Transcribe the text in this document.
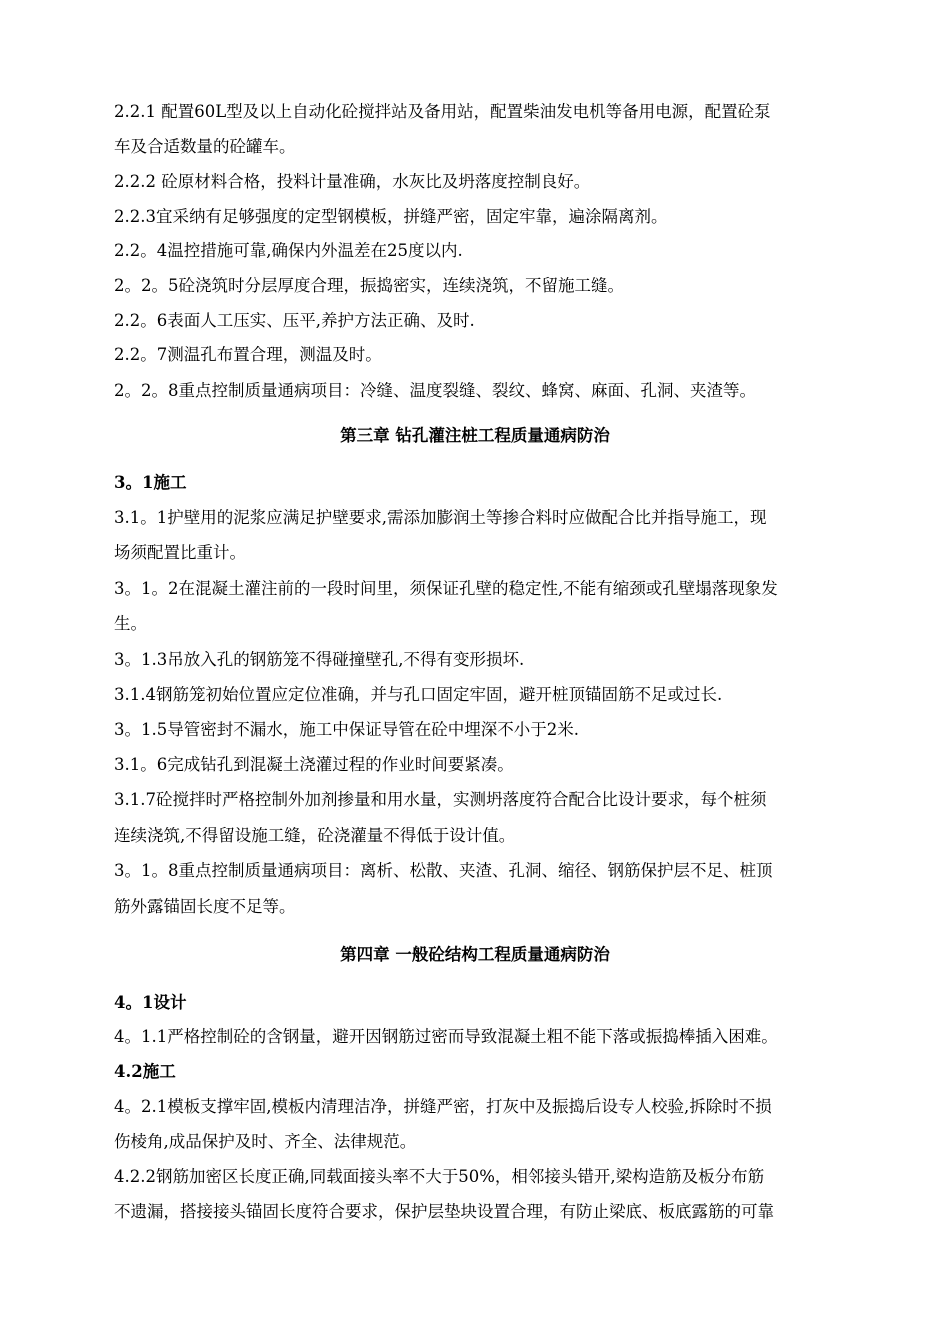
2.2.1 配置60L型及以上自动化砼搅拌站及备用站，配置柴油发电机等备用电源，配置砼泵
车及合适数量的砼罐车。
2.2.2 砼原材料合格，投料计量准确，水灰比及坍落度控制良好。
2.2.3宜采纳有足够强度的定型钢模板，拼缝严密，固定牢靠，遍涂隔离剂。
2.2。4温控措施可靠,确保内外温差在25度以内.
2。2。5砼浇筑时分层厚度合理，振捣密实，连续浇筑，不留施工缝。
2.2。6表面人工压实、压平,养护方法正确、及时.
2.2。7测温孔布置合理，测温及时。
2。2。8重点控制质量通病项目：冷缝、温度裂缝、裂纹、蜂窝、麻面、孔洞、夹渣等。
第三章 钻孔灌注桩工程质量通病防治
3。1施工
3.1。1护壁用的泥浆应满足护壁要求,需添加膨润土等掺合料时应做配合比并指导施工，现
场须配置比重计。
3。1。2在混凝土灌注前的一段时间里，须保证孔壁的稳定性,不能有缩颈或孔壁塌落现象发
生。
3。1.3吊放入孔的钢筋笼不得碰撞壁孔,不得有变形损坏.
3.1.4钢筋笼初始位置应定位准确，并与孔口固定牢固，避开桩顶锚固筋不足或过长.
3。1.5导管密封不漏水，施工中保证导管在砼中埋深不小于2米.
3.1。6完成钻孔到混凝土浇灌过程的作业时间要紧凑。
3.1.7砼搅拌时严格控制外加剂掺量和用水量，实测坍落度符合配合比设计要求，每个桩须
连续浇筑,不得留设施工缝，砼浇灌量不得低于设计值。
3。1。8重点控制质量通病项目：离析、松散、夹渣、孔洞、缩径、钢筋保护层不足、桩顶
筋外露锚固长度不足等。
第四章 一般砼结构工程质量通病防治
4。1设计
4。1.1严格控制砼的含钢量，避开因钢筋过密而导致混凝土粗不能下落或振捣棒插入困难。
4.2施工
4。2.1模板支撑牢固,模板内清理洁净，拼缝严密，打灰中及振捣后设专人校验,拆除时不损
伤棱角,成品保护及时、齐全、法律规范。
4.2.2钢筋加密区长度正确,同载面接头率不大于50%，相邻接头错开,梁构造筋及板分布筋
不遗漏，搭接接头锚固长度符合要求，保护层垫块设置合理，有防止梁底、板底露筋的可靠
